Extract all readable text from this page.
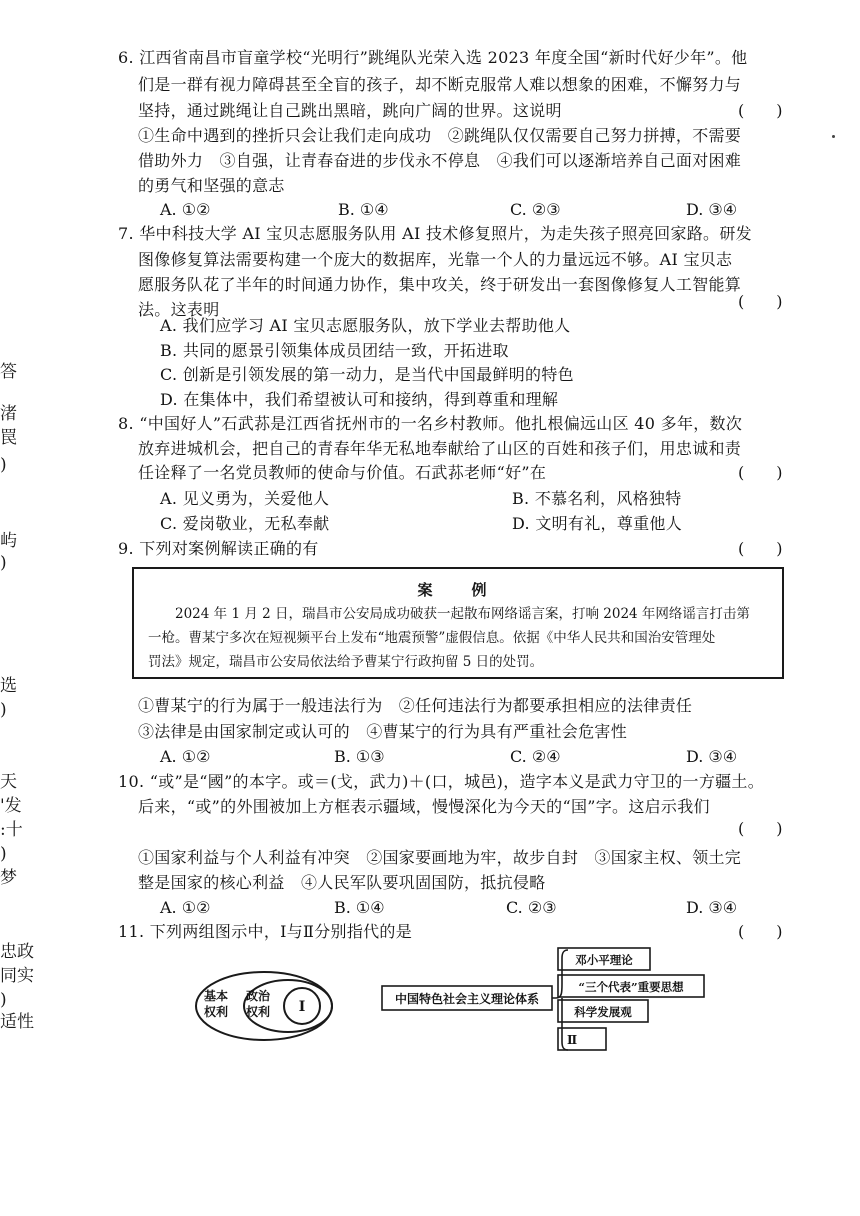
答
渚
罠
)
屿
)
选
)
天
'发
:十
)
梦
忠政
同实
)
适性
6. 江西省南昌市盲童学校“光明行”跳绳队光荣入选 2023 年度全国“新时代好少年”。他
们是一群有视力障碍甚至全盲的孩子，却不断克服常人难以想象的困难，不懈努力与
坚持，通过跳绳让自己跳出黑暗，跳向广阔的世界。这说明	(　　)
①生命中遇到的挫折只会让我们走向成功　②跳绳队仅仅需要自己努力拼搏，不需要
借助外力　③自强，让青春奋进的步伐永不停息　④我们可以逐渐培养自己面对困难
的勇气和坚强的意志
A. ①②	B. ①④	C. ②③	D. ③④
7. 华中科技大学 AI 宝贝志愿服务队用 AI 技术修复照片，为走失孩子照亮回家路。研发
图像修复算法需要构建一个庞大的数据库，光靠一个人的力量远远不够。AI 宝贝志
愿服务队花了半年的时间通力协作，集中攻关，终于研发出一套图像修复人工智能算
法。这表明	(　　)
A. 我们应学习 AI 宝贝志愿服务队，放下学业去帮助他人
B. 共同的愿景引领集体成员团结一致，开拓进取
C. 创新是引领发展的第一动力，是当代中国最鲜明的特色
D. 在集体中，我们希望被认可和接纳，得到尊重和理解
8. “中国好人”石武荪是江西省抚州市的一名乡村教师。他扎根偏远山区 40 多年，数次
放弃进城机会，把自己的青春年华无私地奉献给了山区的百姓和孩子们，用忠诚和责
任诠释了一名党员教师的使命与价值。石武荪老师“好”在	(　　)
A. 见义勇为，关爱他人	B. 不慕名利，风格独特
C. 爱岗敬业，无私奉献	D. 文明有礼，尊重他人
9. 下列对案例解读正确的有	(　　)
案　例
2024 年 1 月 2 日，瑞昌市公安局成功破获一起散布网络谣言案，打响 2024 年网络谣言打击第
一枪。曹某宁多次在短视频平台上发布“地震预警”虚假信息。依据《中华人民共和国治安管理处
罚法》规定，瑞昌市公安局依法给予曹某宁行政拘留 5 日的处罚。
①曹某宁的行为属于一般违法行为　②任何违法行为都要承担相应的法律责任
③法律是由国家制定或认可的　④曹某宁的行为具有严重社会危害性
A. ①②	B. ①③	C. ②④	D. ③④
10. “或”是“國”的本字。或＝(戈，武力)＋(口，城邑)，造字本义是武力守卫的一方疆土。
后来，“或”的外围被加上方框表示疆域，慢慢深化为今天的“国”字。这启示我们
(　　)
①国家利益与个人利益有冲突　②国家要画地为牢，故步自封　③国家主权、领土完
整是国家的核心利益　④人民军队要巩固国防，抵抗侵略
A. ①②	B. ①④	C. ②③	D. ③④
11. 下列两组图示中，Ⅰ与Ⅱ分别指代的是	(　　)
基本
权利
政治
权利 Ⅰ	中国特色社会主义理论体系
邓小平理论
“三个代表”重要思想
科学发展观
Ⅱ
